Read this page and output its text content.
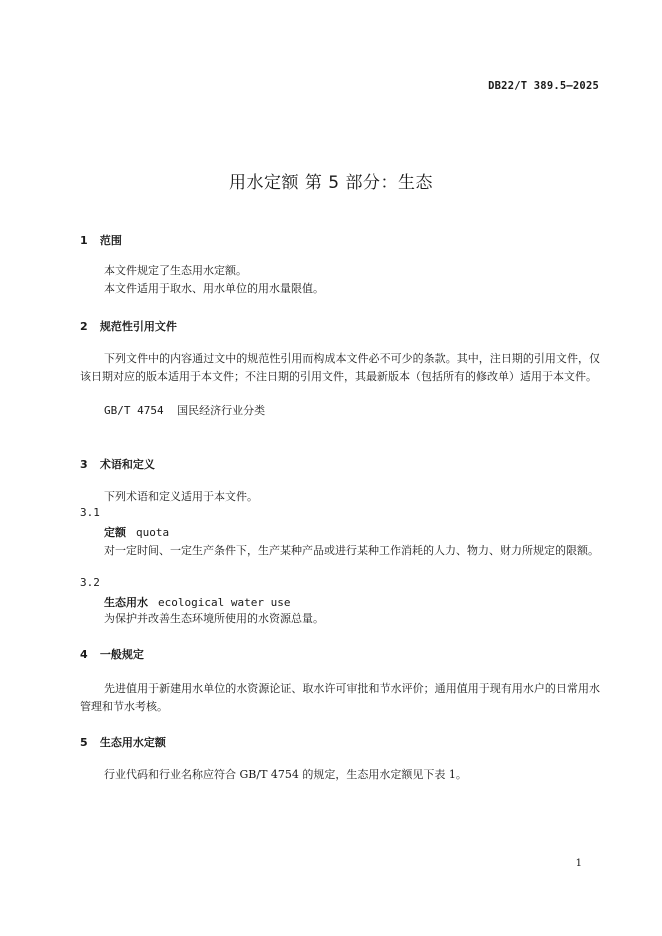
DB22/T 389.5—2025
用水定额 第 5 部分：生态
1 范围
本文件规定了生态用水定额。
本文件适用于取水、用水单位的用水量限值。
2 规范性引用文件
下列文件中的内容通过文中的规范性引用而构成本文件必不可少的条款。其中，注日期的引用文件，仅该日期对应的版本适用于本文件；不注日期的引用文件，其最新版本（包括所有的修改单）适用于本文件。
GB/T 4754 国民经济行业分类
3 术语和定义
下列术语和定义适用于本文件。
3.1
定额 quota
对一定时间、一定生产条件下，生产某种产品或进行某种工作消耗的人力、物力、财力所规定的限额。
3.2
生态用水 ecological water use
为保护并改善生态环境所使用的水资源总量。
4 一般规定
先进值用于新建用水单位的水资源论证、取水许可审批和节水评价；通用值用于现有用水户的日常用水管理和节水考核。
5 生态用水定额
行业代码和行业名称应符合 GB/T 4754 的规定，生态用水定额见下表 1。
1
